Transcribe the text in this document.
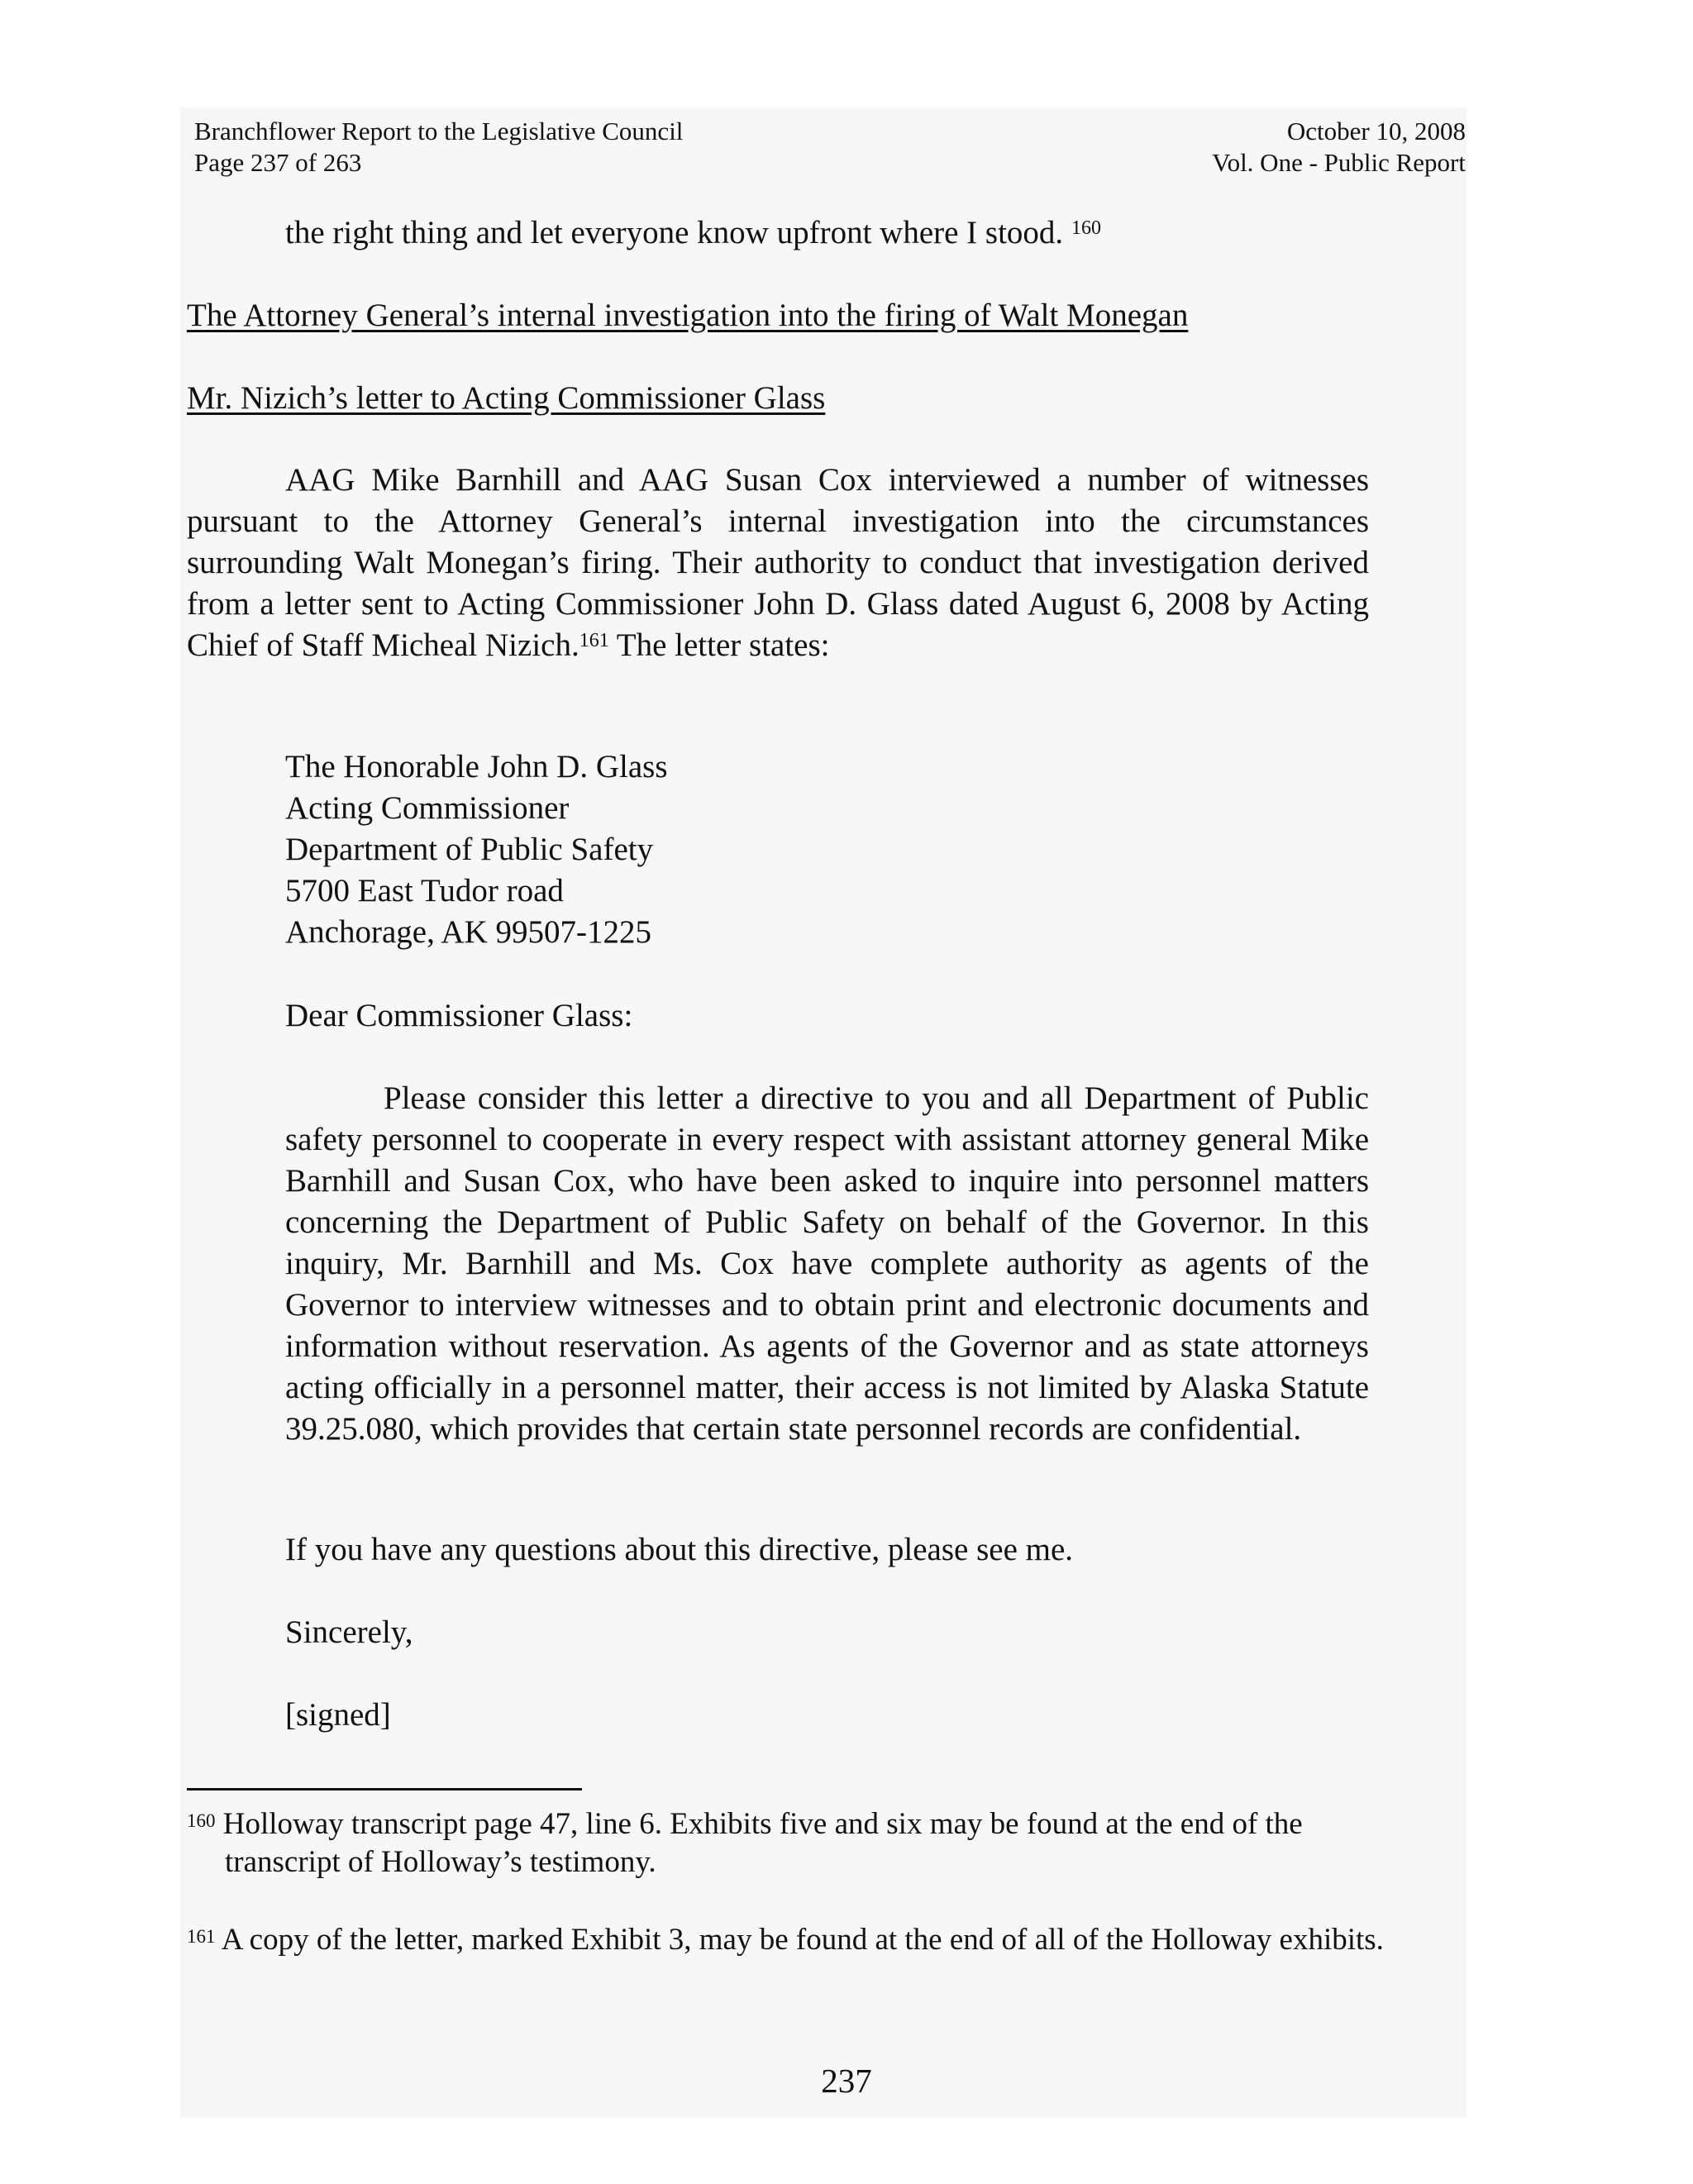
Branchflower Report to the Legislative Council
Page 237 of 263
October 10, 2008
Vol. One - Public Report

the right thing and let everyone know upfront where I stood. $^{160}$

The Attorney General’s internal investigation into the firing of Walt Monegan

Mr. Nizich’s letter to Acting Commissioner Glass

AAG Mike Barnhill and AAG Susan Cox interviewed a number of witnesses pursuant to the Attorney General’s internal investigation into the circumstances surrounding Walt Monegan’s firing. Their authority to conduct that investigation derived from a letter sent to Acting Commissioner John D. Glass dated August 6, 2008 by Acting Chief of Staff Micheal Nizich.$^{161}$ The letter states:

The Honorable John D. Glass
Acting Commissioner
Department of Public Safety
5700 East Tudor road
Anchorage, AK 99507-1225

Dear Commissioner Glass:

Please consider this letter a directive to you and all Department of Public safety personnel to cooperate in every respect with assistant attorney general Mike Barnhill and Susan Cox, who have been asked to inquire into personnel matters concerning the Department of Public Safety on behalf of the Governor. In this inquiry, Mr. Barnhill and Ms. Cox have complete authority as agents of the Governor to interview witnesses and to obtain print and electronic documents and information without reservation. As agents of the Governor and as state attorneys acting officially in a personnel matter, their access is not limited by Alaska Statute 39.25.080, which provides that certain state personnel records are confidential.

If you have any questions about this directive, please see me.

Sincerely,

[signed]

$^{160}$ Holloway transcript page 47, line 6. Exhibits five and six may be found at the end of the transcript of Holloway’s testimony.
$^{161}$ A copy of the letter, marked Exhibit 3, may be found at the end of all of the Holloway exhibits.

237
